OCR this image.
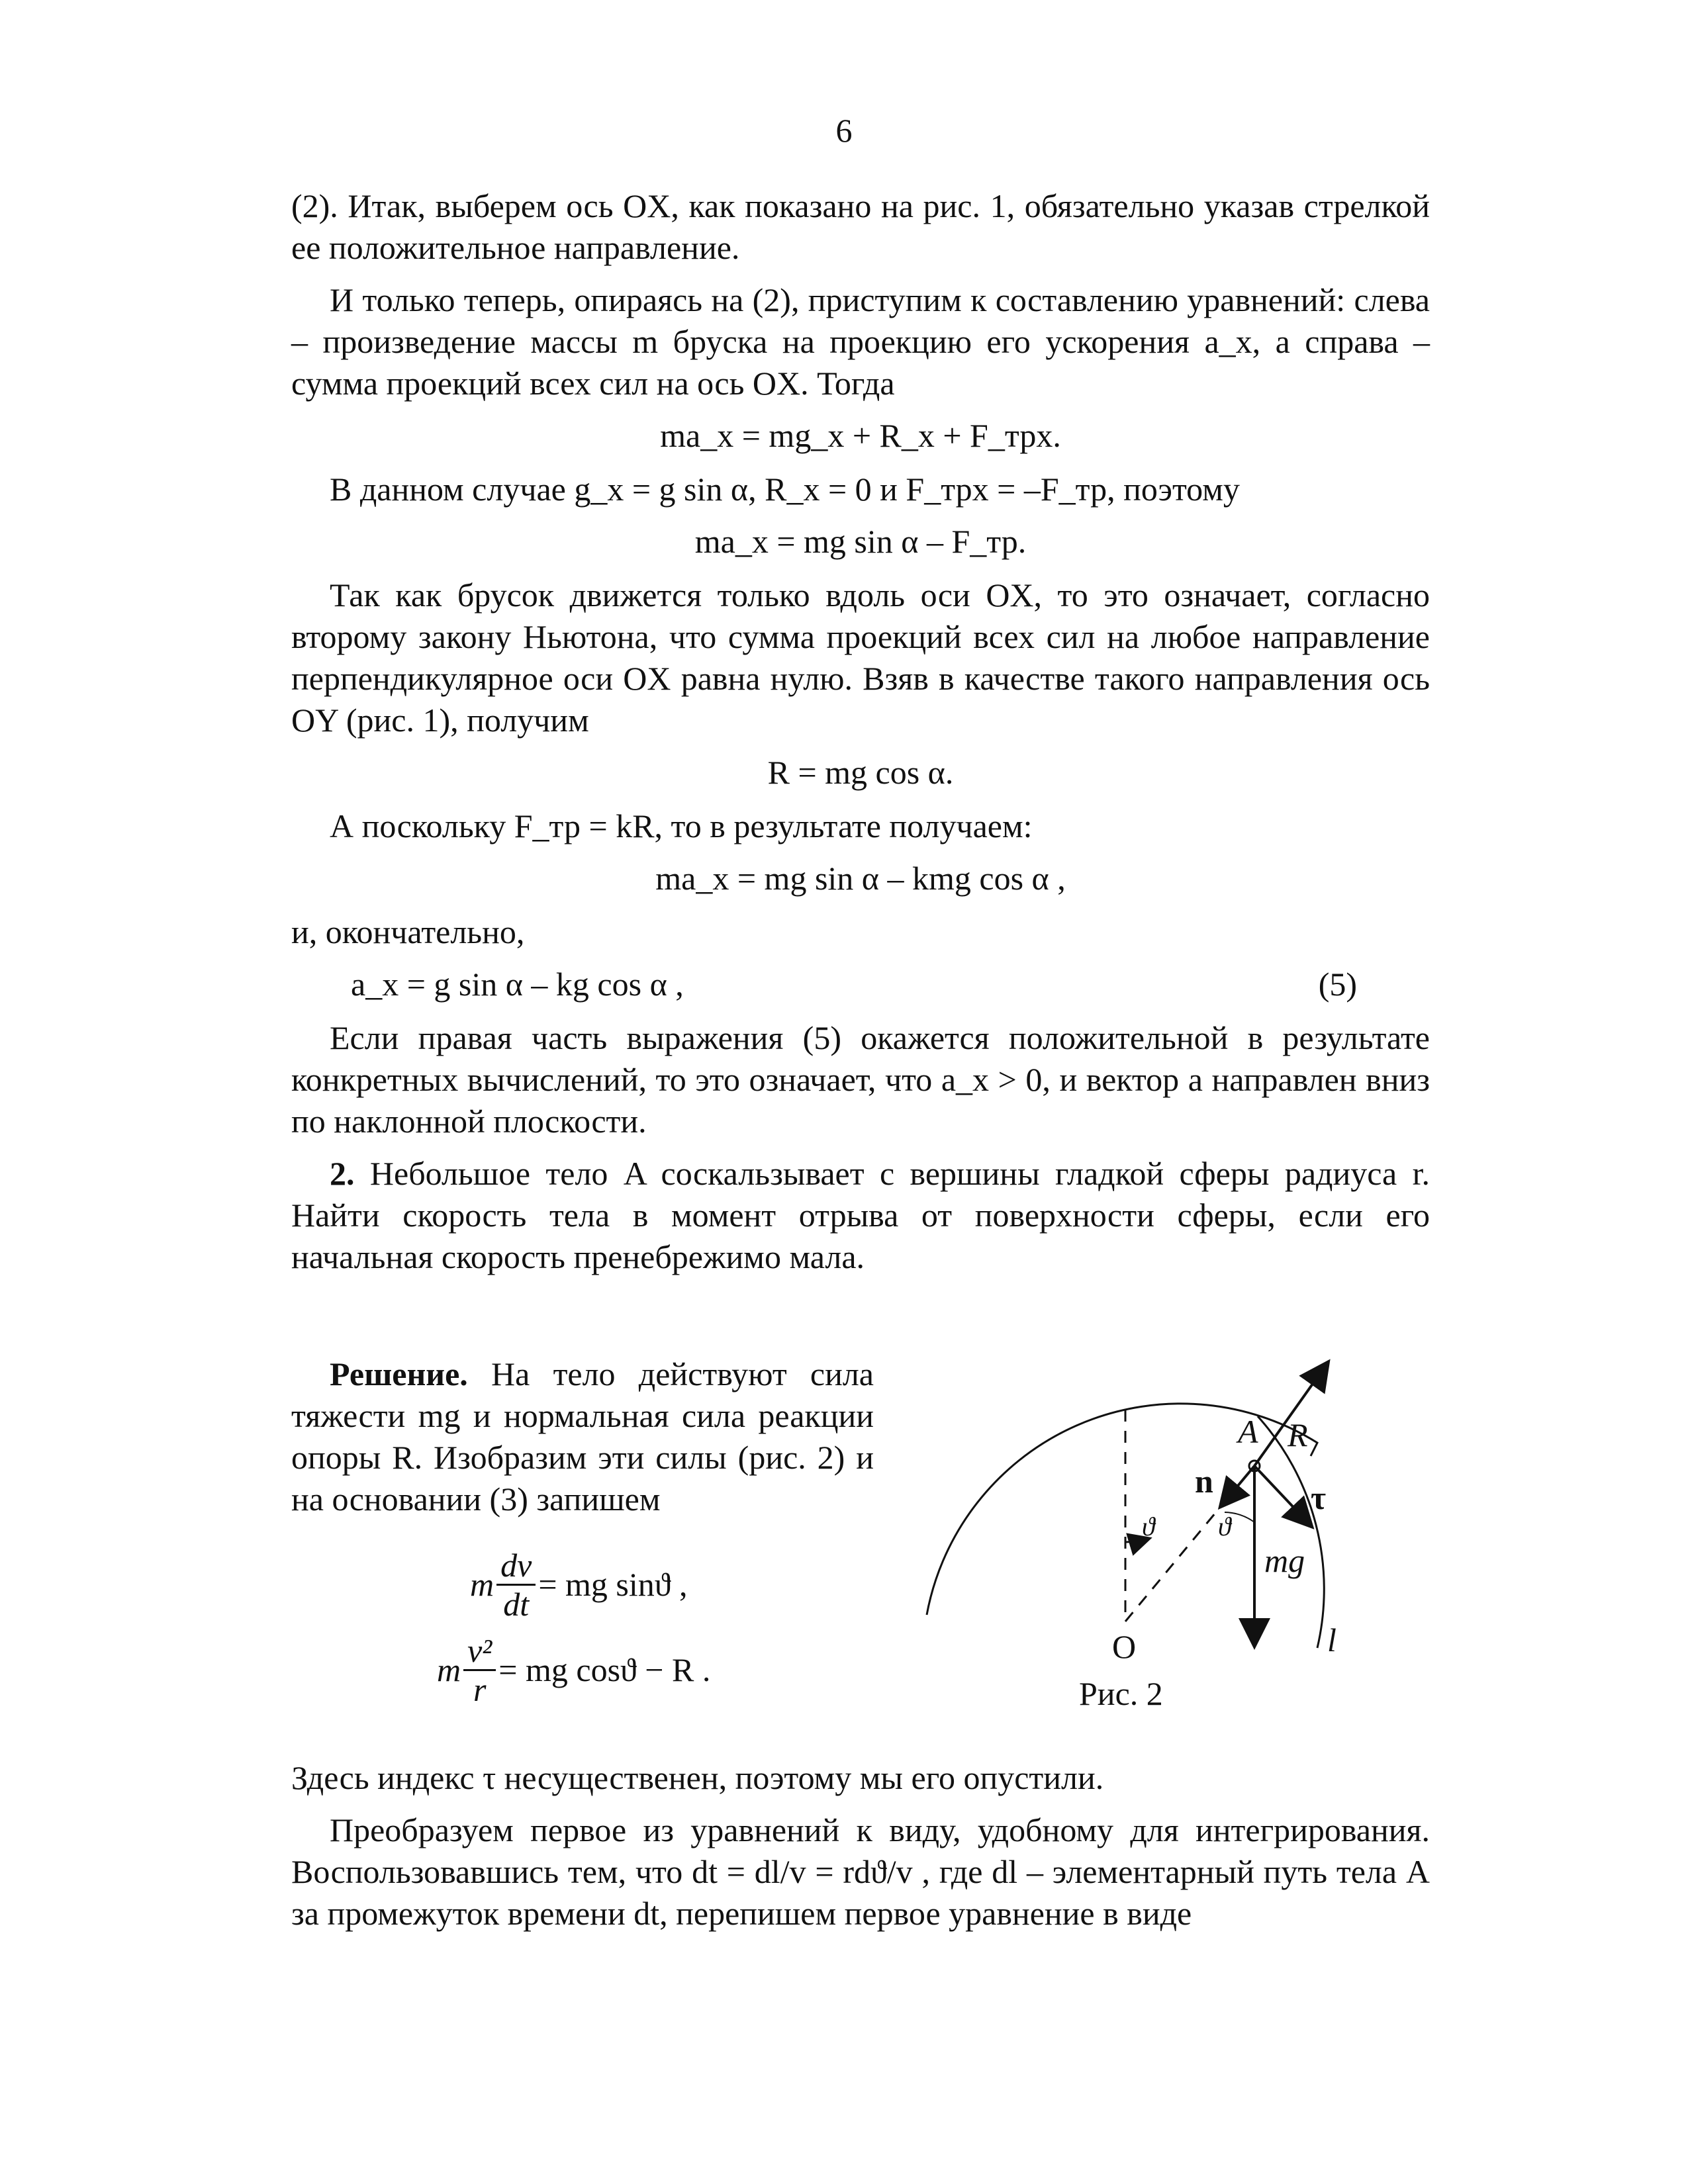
6

(2). Итак, выберем ось OX, как показано на рис. 1, обязательно указав стрелкой ее положительное направление.

И только теперь, опираясь на (2), приступим к составлению уравнений: слева – произведение массы m бруска на проекцию его ускорения a_x, а справа – сумма проекций всех сил на ось OX. Тогда

ma_x = mg_x + R_x + F_трx.

В данном случае g_x = g sin α, R_x = 0 и F_трx = –F_тр, поэтому

ma_x = mg sin α – F_тр.

Так как брусок движется только вдоль оси OX, то это означает, согласно второму закону Ньютона, что сумма проекций всех сил на любое направление перпендикулярное оси OX равна нулю. Взяв в качестве такого направления ось OY (рис. 1), получим

R = mg cos α.

А поскольку F_тр = kR, то в результате получаем:

ma_x = mg sin α – kmg cos α ,

и, окончательно,

a_x = g sin α – kg cos α ,	(5)

Если правая часть выражения (5) окажется положительной в результате конкретных вычислений, то это означает, что a_x > 0, и вектор a направлен вниз по наклонной плоскости.

2. Небольшое тело A соскальзывает с вершины гладкой сферы радиуса r. Найти скорость тела в момент отрыва от поверхности сферы, если его начальная скорость пренебрежимо мала.

Решение. На тело действуют сила тяжести mg и нормальная сила реакции опоры R. Изобразим эти силы (рис. 2) и на основании (3) запишем

m $\frac{dv}{dt}$ = mg sinϑ ,
m $\frac{\text{v²}}{r}$ = mg cosϑ − R .
A R
τ
n
ϑ ϑ
mg
O	l
Рис. 2

Здесь индекс τ несущественен, поэтому мы его опустили.

Преобразуем первое из уравнений к виду, удобному для интегрирования. Воспользовавшись тем, что dt = dl/v = rdϑ/v , где dl – элементарный путь тела A за промежуток времени dt, перепишем первое уравнение в виде
